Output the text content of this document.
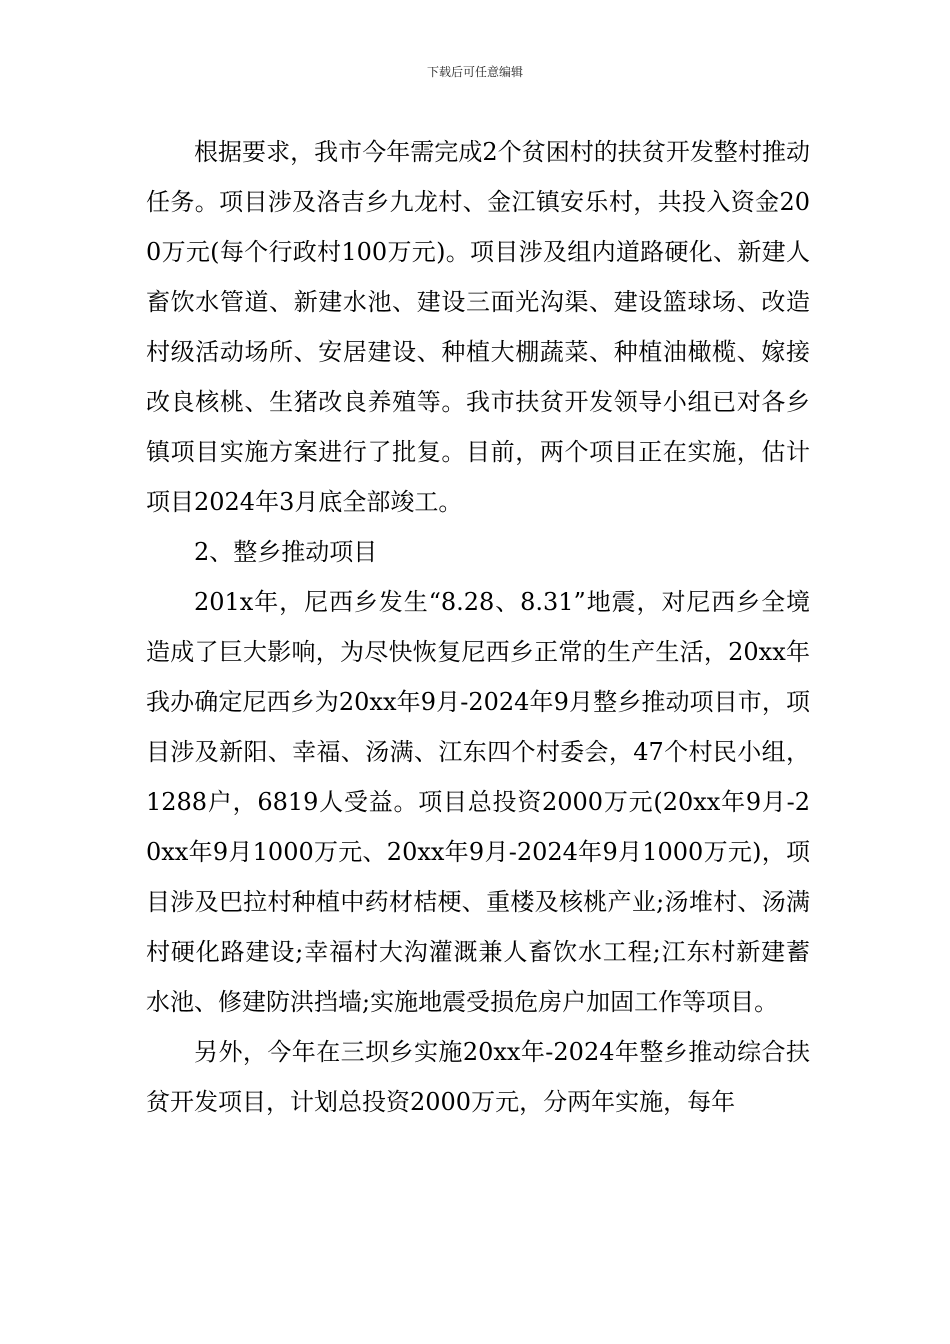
下载后可任意编辑

根据要求，我市今年需完成2个贫困村的扶贫开发整村推动任务。项目涉及洛吉乡九龙村、金江镇安乐村，共投入资金200万元(每个行政村100万元)。项目涉及组内道路硬化、新建人畜饮水管道、新建水池、建设三面光沟渠、建设篮球场、改造村级活动场所、安居建设、种植大棚蔬菜、种植油橄榄、嫁接改良核桃、生猪改良养殖等。我市扶贫开发领导小组已对各乡镇项目实施方案进行了批复。目前，两个项目正在实施，估计项目2024年3月底全部竣工。

2、整乡推动项目

201x年，尼西乡发生“8.28、8.31”地震，对尼西乡全境造成了巨大影响，为尽快恢复尼西乡正常的生产生活，20xx年我办确定尼西乡为20xx年9月-2024年9月整乡推动项目市，项目涉及新阳、幸福、汤满、江东四个村委会，47个村民小组，1288户，6819人受益。项目总投资2000万元(20xx年9月-20xx年9月1000万元、20xx年9月-2024年9月1000万元)，项目涉及巴拉村种植中药材桔梗、重楼及核桃产业;汤堆村、汤满村硬化路建设;幸福村大沟灌溉兼人畜饮水工程;江东村新建蓄水池、修建防洪挡墙;实施地震受损危房户加固工作等项目。

另外，今年在三坝乡实施20xx年-2024年整乡推动综合扶贫开发项目，计划总投资2000万元，分两年实施，每年
